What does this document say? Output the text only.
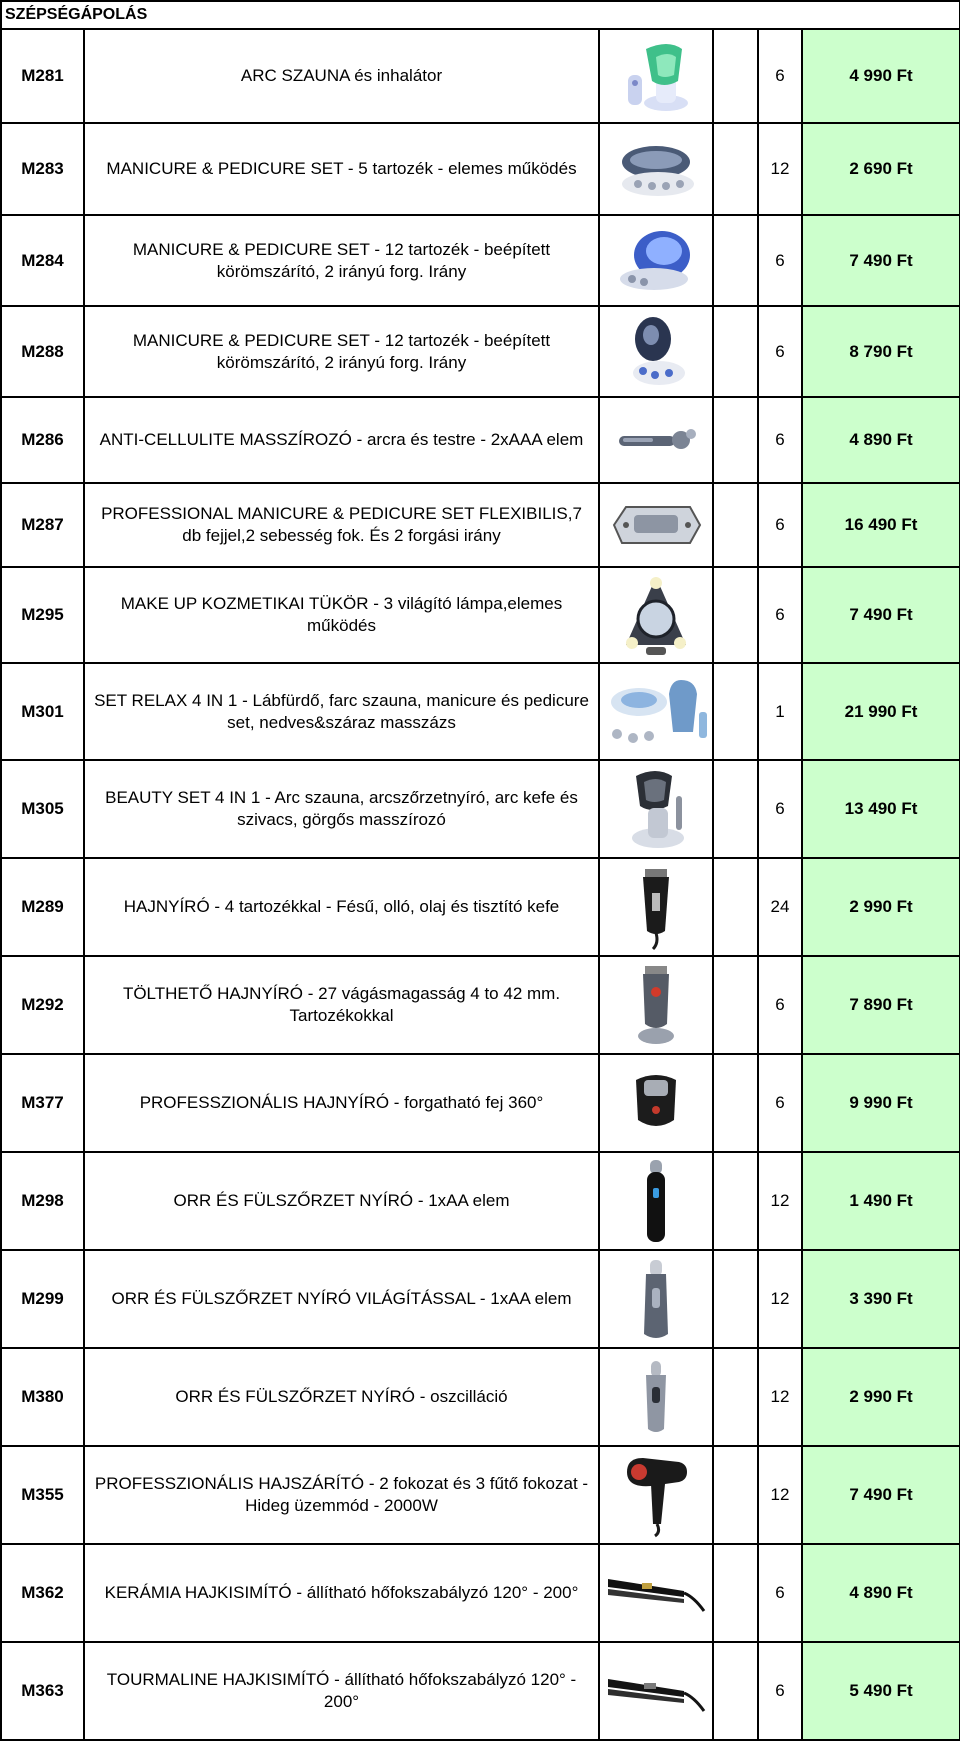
SZÉPSÉGÁPOLÁS					
M281	ARC SZAUNA és inhalátor			6	4 990 Ft
M283	MANICURE & PEDICURE SET - 5 tartozék - elemes működés			12	2 690 Ft
M284	MANICURE & PEDICURE SET - 12 tartozék - beépített körömszárító, 2 irányú forg. Irány			6	7 490 Ft
M288	MANICURE & PEDICURE SET - 12 tartozék - beépített körömszárító, 2 irányú forg. Irány			6	8 790 Ft
M286	ANTI-CELLULITE MASSZÍROZÓ - arcra és testre - 2xAAA elem			6	4 890 Ft
M287	PROFESSIONAL MANICURE & PEDICURE SET FLEXIBILIS,7 db fejjel,2 sebesség fok. És 2 forgási irány			6	16 490 Ft
M295	MAKE UP KOZMETIKAI TÜKÖR - 3 világító lámpa,elemes működés			6	7 490 Ft
M301	SET RELAX 4 IN 1 - Lábfürdő, farc szauna, manicure és pedicure set, nedves&száraz masszázs			1	21 990 Ft
M305	BEAUTY SET 4 IN 1 - Arc szauna, arcszőrzetnyíró, arc kefe és szivacs, görgős masszírozó			6	13 490 Ft
M289	HAJNYÍRÓ - 4 tartozékkal - Fésű, olló, olaj és tisztító kefe			24	2 990 Ft
M292	TÖLTHETŐ HAJNYÍRÓ - 27 vágásmagasság 4 to 42 mm. Tartozékokkal			6	7 890 Ft
M377	PROFESSZIONÁLIS HAJNYÍRÓ - forgatható fej 360°			6	9 990 Ft
M298	ORR ÉS FÜLSZŐRZET NYÍRÓ - 1xAA elem			12	1 490 Ft
M299	ORR ÉS FÜLSZŐRZET NYÍRÓ VILÁGÍTÁSSAL - 1xAA elem			12	3 390 Ft
M380	ORR ÉS FÜLSZŐRZET NYÍRÓ - oszcilláció			12	2 990 Ft
M355	PROFESSZIONÁLIS HAJSZÁRÍTÓ - 2 fokozat és 3 fűtő fokozat - Hideg üzemmód - 2000W			12	7 490 Ft
M362	KERÁMIA HAJKISIMÍTÓ - állítható hőfokszabályzó 120° - 200°			6	4 890 Ft
M363	TOURMALINE HAJKISIMÍTÓ - állítható hőfokszabályzó 120° - 200°			6	5 490 Ft
